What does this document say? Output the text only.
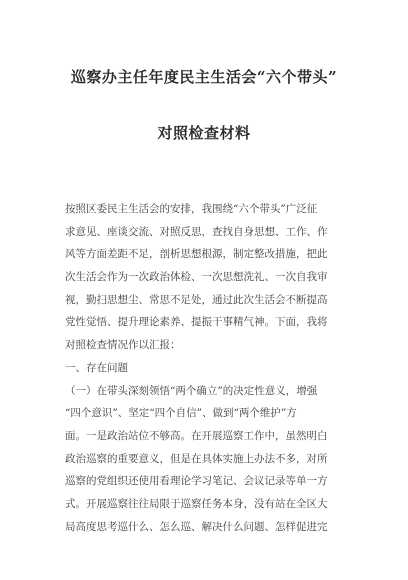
巡察办主任年度民主生活会“六个带头”
对照检查材料
按照区委民主生活会的安排，我围绕“六个带头”广泛征
求意见、座谈交流、对照反思，查找自身思想、工作、作
风等方面差距不足，剖析思想根源，制定整改措施，把此
次生活会作为一次政治体检、一次思想洗礼、一次自我审
视，勤扫思想尘、常思不足处，通过此次生活会不断提高
党性觉悟、提升理论素养、提振干事精气神。下面，我将
对照检查情况作以汇报：
一、存在问题
（一）在带头深刻领悟“两个确立”的决定性意义，增强
“四个意识”、坚定“四个自信”、做到“两个维护”方
面。一是政治站位不够高。在开展巡察工作中，虽然明白
政治巡察的重要意义，但是在具体实施上办法不多，对所
巡察的党组织还使用看理论学习笔记、会议记录等单一方
式。开展巡察往往局限于巡察任务本身，没有站在全区大
局高度思考巡什么、怎么巡、解决什么问题、怎样促进完
